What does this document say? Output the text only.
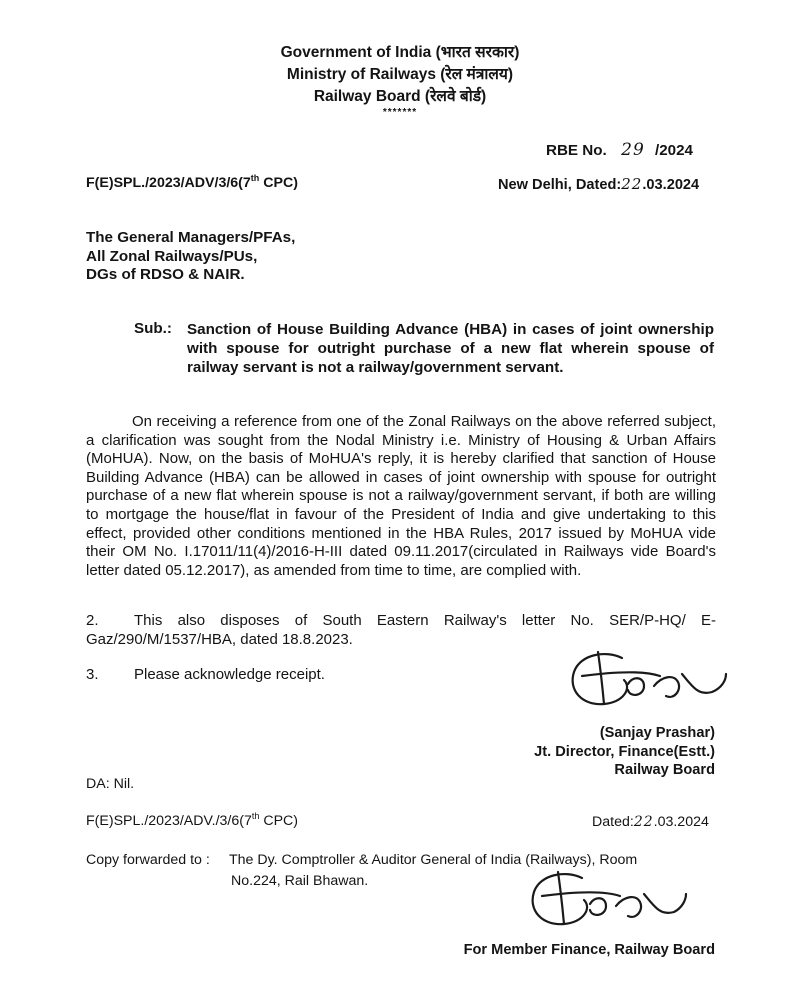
Government of India (भारत सरकार)
Ministry of Railways (रेल मंत्रालय)
Railway Board (रेलवे बोर्ड)
*******
RBE No. 29 /2024
F(E)SPL./2023/ADV/3/6(7th CPC)	New Delhi, Dated:22.03.2024
The General Managers/PFAs,
All Zonal Railways/PUs,
DGs of RDSO & NAIR.
Sub.: Sanction of House Building Advance (HBA) in cases of joint ownership with spouse for outright purchase of a new flat wherein spouse of railway servant is not a railway/government servant.
On receiving a reference from one of the Zonal Railways on the above referred subject, a clarification was sought from the Nodal Ministry i.e. Ministry of Housing & Urban Affairs (MoHUA). Now, on the basis of MoHUA's reply, it is hereby clarified that sanction of House Building Advance (HBA) can be allowed in cases of joint ownership with spouse for outright purchase of a new flat wherein spouse is not a railway/government servant, if both are willing to mortgage the house/flat in favour of the President of India and give undertaking to this effect, provided other conditions mentioned in the HBA Rules, 2017 issued by MoHUA vide their OM No. I.17011/11(4)/2016-H-III dated 09.11.2017(circulated in Railways vide Board's letter dated 05.12.2017), as amended from time to time, are complied with.
2.	This also disposes of South Eastern Railway's letter No. SER/P-HQ/ E-Gaz/290/M/1537/HBA, dated 18.8.2023.
3. Please acknowledge receipt.
(Sanjay Prashar)
Jt. Director, Finance(Estt.)
Railway Board
DA: Nil.
F(E)SPL./2023/ADV./3/6(7th CPC)	Dated:22.03.2024
Copy forwarded to : The Dy. Comptroller & Auditor General of India (Railways), Room
No.224, Rail Bhawan.
For Member Finance, Railway Board
